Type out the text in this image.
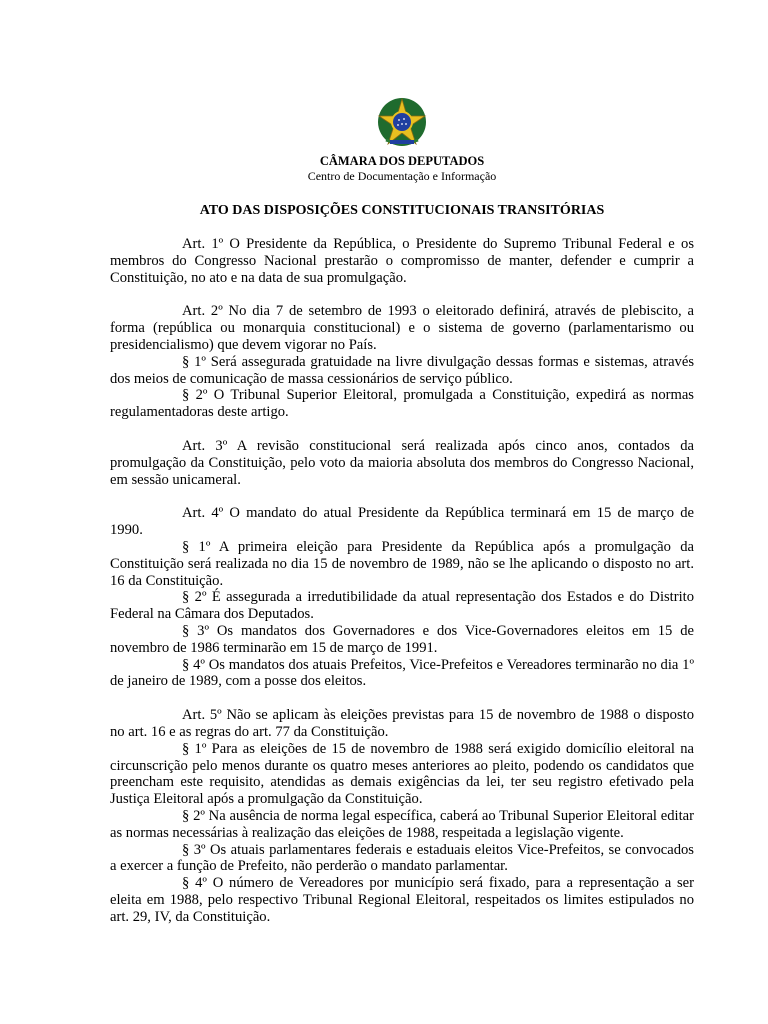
CÂMARA DOS DEPUTADOS
Centro de Documentação e Informação
ATO DAS DISPOSIÇÕES CONSTITUCIONAIS TRANSITÓRIAS

Art. 1º O Presidente da República, o Presidente do Supremo Tribunal Federal e os membros do Congresso Nacional prestarão o compromisso de manter, defender e cumprir a Constituição, no ato e na data de sua promulgação.

Art. 2º No dia 7 de setembro de 1993 o eleitorado definirá, através de plebiscito, a forma (república ou monarquia constitucional) e o sistema de governo (parlamentarismo ou presidencialismo) que devem vigorar no País.

§ 1º Será assegurada gratuidade na livre divulgação dessas formas e sistemas, através dos meios de comunicação de massa cessionários de serviço público.

§ 2º O Tribunal Superior Eleitoral, promulgada a Constituição, expedirá as normas regulamentadoras deste artigo.

Art. 3º A revisão constitucional será realizada após cinco anos, contados da promulgação da Constituição, pelo voto da maioria absoluta dos membros do Congresso Nacional, em sessão unicameral.

Art. 4º O mandato do atual Presidente da República terminará em 15 de março de 1990.

§ 1º A primeira eleição para Presidente da República após a promulgação da Constituição será realizada no dia 15 de novembro de 1989, não se lhe aplicando o disposto no art. 16 da Constituição.

§ 2º É assegurada a irredutibilidade da atual representação dos Estados e do Distrito Federal na Câmara dos Deputados.

§ 3º Os mandatos dos Governadores e dos Vice-Governadores eleitos em 15 de novembro de 1986 terminarão em 15 de março de 1991.

§ 4º Os mandatos dos atuais Prefeitos, Vice-Prefeitos e Vereadores terminarão no dia 1º de janeiro de 1989, com a posse dos eleitos.

Art. 5º Não se aplicam às eleições previstas para 15 de novembro de 1988 o disposto no art. 16 e as regras do art. 77 da Constituição.

§ 1º Para as eleições de 15 de novembro de 1988 será exigido domicílio eleitoral na circunscrição pelo menos durante os quatro meses anteriores ao pleito, podendo os candidatos que preencham este requisito, atendidas as demais exigências da lei, ter seu registro efetivado pela Justiça Eleitoral após a promulgação da Constituição.

§ 2º Na ausência de norma legal específica, caberá ao Tribunal Superior Eleitoral editar as normas necessárias à realização das eleições de 1988, respeitada a legislação vigente.

§ 3º Os atuais parlamentares federais e estaduais eleitos Vice-Prefeitos, se convocados a exercer a função de Prefeito, não perderão o mandato parlamentar.

§ 4º O número de Vereadores por município será fixado, para a representação a ser eleita em 1988, pelo respectivo Tribunal Regional Eleitoral, respeitados os limites estipulados no art. 29, IV, da Constituição.
